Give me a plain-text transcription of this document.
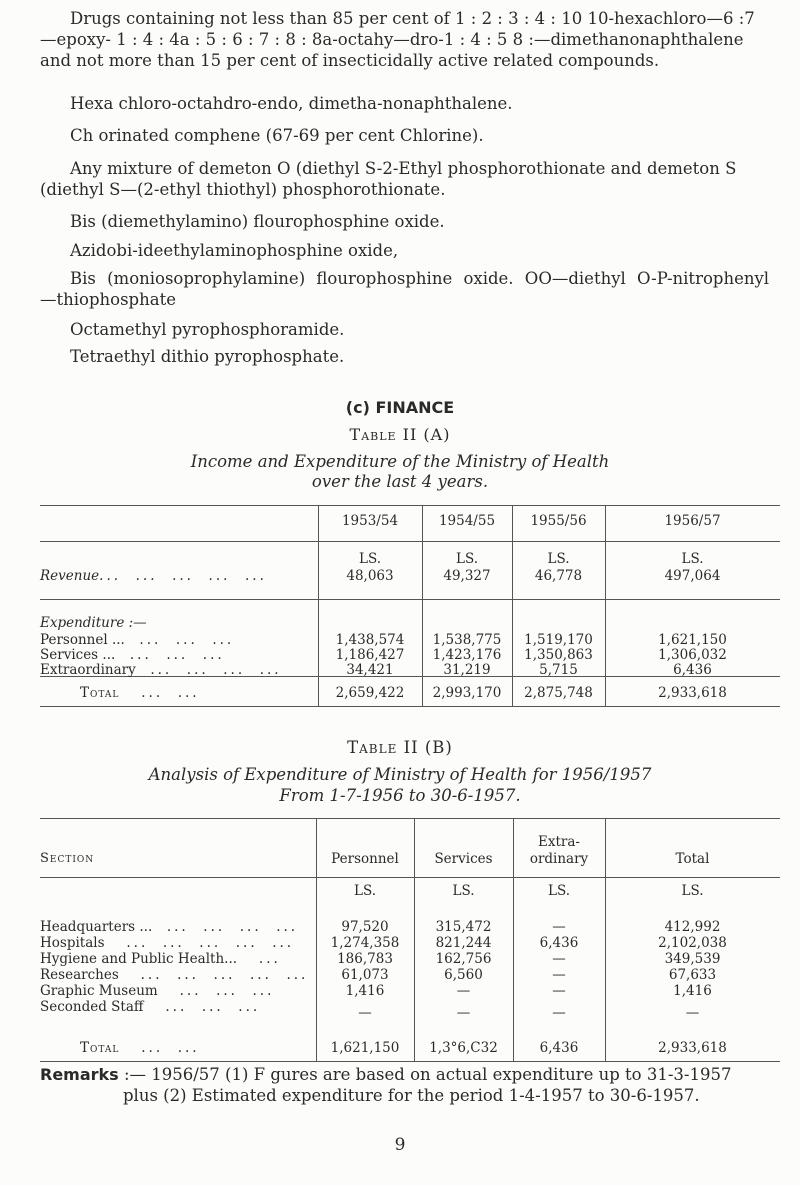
Drugs containing not less than 85 per cent of 1 : 2 : 3 : 4 : 10 10-hexachloro—6 :7—epoxy- 1 : 4 : 4a : 5 : 6 : 7 : 8 : 8a-octahy—dro-1 : 4 : 5 8 :—dimethanonaphthalene and not more than 15 per cent of insecticidally active related compounds.

Hexa chloro-octahdro-endo, dimetha-nonaphthalene.
Ch orinated comphene (67-69 per cent Chlorine).

Any mixture of demeton O (diethyl S-2-Ethyl phosphorothionate and demeton S (diethyl S—(2-ethyl thiothyl) phosphorothionate.

Bis (diemethylamino) flourophosphine oxide.
Azidobi-ideethylaminophosphine oxide,

Bis (moniosoprophylamine) flourophosphine oxide. OO—diethyl O-P-nitrophenyl—thiophosphate

Octamethyl pyrophosphoramide.
Tetraethyl dithio pyrophosphate.
(c) FINANCE
Table II (A)
Income and Expenditure of the Ministry of Health over the last 4 years.
1953/54	1954/55	1955/56	1956/57
LS.	LS.	LS.	LS.
Revenue...  ...  ...  ...  ...	48,063	49,327	46,778	497,064
Expenditure :—
Personnel ...  ...  ...  ...	1,438,574	1,538,775	1,519,170	1,621,150
Services ...  ...  ...  ...	1,186,427	1,423,176	1,350,863	1,306,032
Extraordinary  ...  ...  ...  ...	34,421	31,219	5,715	6,436
Total   ...  ...	2,659,422	2,993,170	2,875,748	2,933,618
Table II (B)
Analysis of Expenditure of Ministry of Health for 1956/1957
From 1-7-1956 to 30-6-1957.
Section	Personnel	Services
Extra-
ordinary	Total
LS.	LS.	LS.	LS.
Headquarters ...  ...  ...  ...  ...	97,520	315,472	—	412,992
Hospitals   ...  ...  ...  ...  ...	1,274,358	821,244	6,436	2,102,038
Hygiene and Public Health...   ...	186,783	162,756	—	349,539
Researches   ...  ...  ...  ...  ...	61,073	6,560	—	67,633
Graphic Museum   ...  ...  ...	1,416	—	—	1,416
Seconded Staff   ...  ...  ...	—	—	—	—
Total   ...  ...	1,621,150	1,3°6,C32	6,436	2,933,618
Remarks :— 1956/57 (1) F gures are based on actual expenditure up to 31-3-1957
plus (2) Estimated expenditure for the period 1-4-1957 to 30-6-1957.
9
